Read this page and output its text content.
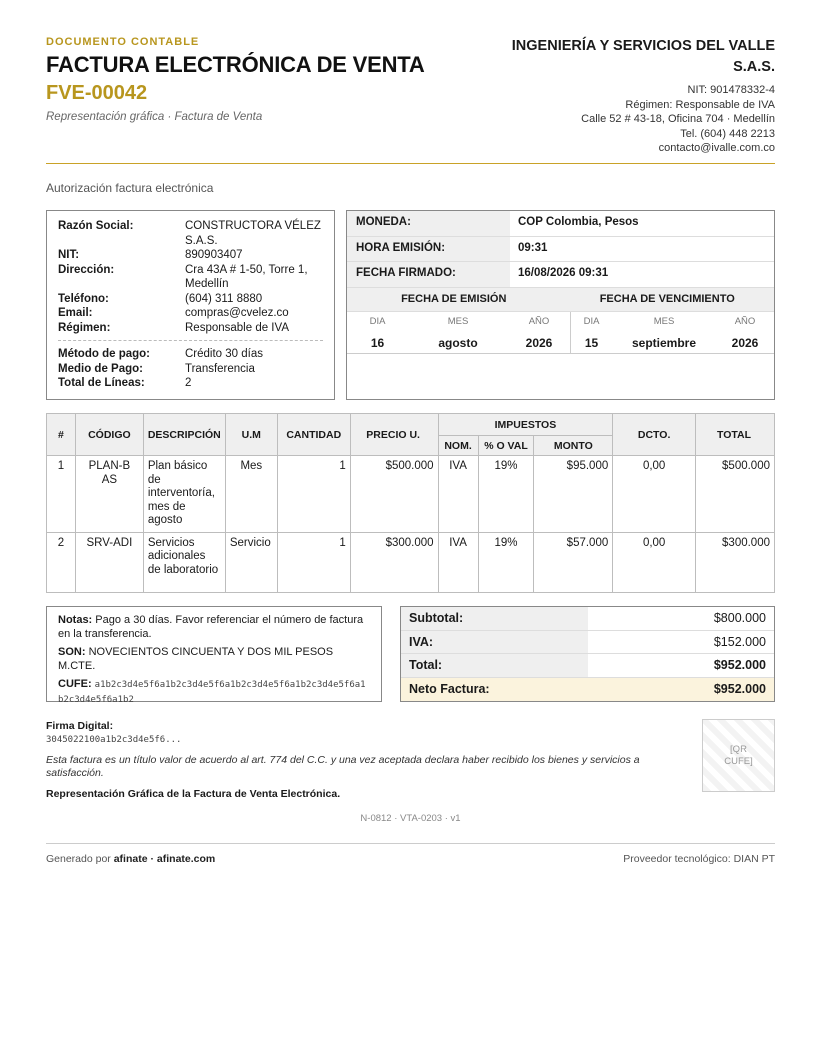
DOCUMENTO CONTABLE
FACTURA ELECTRÓNICA DE VENTA
FVE-00042
Representación gráfica · Factura de Venta
INGENIERÍA Y SERVICIOS DEL VALLE
S.A.S.
NIT: 901478332-4
Régimen: Responsable de IVA
Calle 52 # 43-18, Oficina 704 · Medellín
Tel. (604) 448 2213
contacto@ivalle.com.co
Autorización factura electrónica
Razón Social:	CONSTRUCTORA VÉLEZ S.A.S.
NIT:	890903407
Dirección:	Cra 43A # 1-50, Torre 1, Medellín
Teléfono:	(604) 311 8880
Email:	compras@cvelez.co
Régimen:	Responsable de IVA
Método de pago:	Crédito 30 días
Medio de Pago:	Transferencia
Total de Líneas:	2
MONEDA:	COP Colombia, Pesos
HORA EMISIÓN:	09:31
FECHA FIRMADO:	16/08/2026 09:31
FECHA DE EMISIÓN	FECHA DE VENCIMIENTO
DIA	MES	AÑO	DIA	MES	AÑO
16	agosto	2026	15	septiembre	2026
#	CÓDIGO	DESCRIPCIÓN	U.M	CANTIDAD	PRECIO U.	IMPUESTOS			DCTO.	TOTAL
						NOM.	% O VAL	MONTO		
1	PLAN-BAS	Plan básico de interventoría, mes de agosto	Mes	1	$500.000	IVA	19%	$95.000	0,00	$500.000
2	SRV-ADI	Servicios adicionales de laboratorio	Servicio	1	$300.000	IVA	19%	$57.000	0,00	$300.000

Notas: Pago a 30 días. Favor referenciar el número de factura en la transferencia.

SON: NOVECIENTOS CINCUENTA Y DOS MIL PESOS M.CTE.

CUFE: a1b2c3d4e5f6a1b2c3d4e5f6a1b2c3d4e5f6a1b2c3d4e5f6a1b2c3d4e5f6a1b2

Subtotal:	$800.000
IVA:	$152.000
Total:	$952.000
Neto Factura:	$952.000
Firma Digital:
3045022100a1b2c3d4e5f6...
Esta factura es un título valor de acuerdo al art. 774 del C.C. y una vez aceptada declara haber recibido los bienes y servicios a satisfacción.
Representación Gráfica de la Factura de Venta Electrónica.
[QR CUFE]
N-0812 · VTA-0203 · v1
Generado por afinate · afinate.com	Proveedor tecnológico: DIAN PT
